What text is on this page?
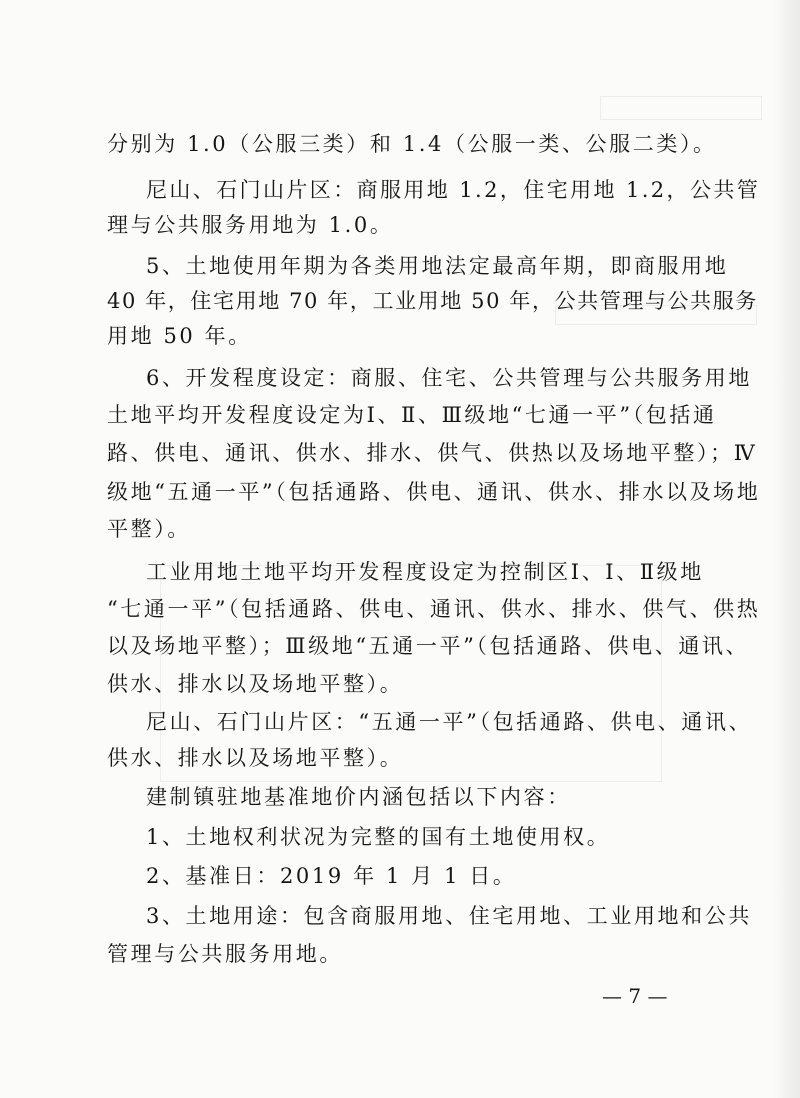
分别为 1.0（公服三类）和 1.4（公服一类、公服二类）。
尼山、石门山片区：商服用地 1.2，住宅用地 1.2，公共管
理与公共服务用地为 1.0。
5、土地使用年期为各类用地法定最高年期，即商服用地
40 年，住宅用地 70 年，工业用地 50 年，公共管理与公共服务
用地 50 年。
6、开发程度设定：商服、住宅、公共管理与公共服务用地
土地平均开发程度设定为Ⅰ、Ⅱ、Ⅲ级地“七通一平”（包括通
路、供电、通讯、供水、排水、供气、供热以及场地平整）；Ⅳ
级地“五通一平”（包括通路、供电、通讯、供水、排水以及场地
平整）。
工业用地土地平均开发程度设定为控制区Ⅰ、Ⅰ、Ⅱ级地
“七通一平”（包括通路、供电、通讯、供水、排水、供气、供热
以及场地平整）；Ⅲ级地“五通一平”（包括通路、供电、通讯、
供水、排水以及场地平整）。
尼山、石门山片区：“五通一平”（包括通路、供电、通讯、
供水、排水以及场地平整）。
建制镇驻地基准地价内涵包括以下内容：
1、土地权利状况为完整的国有土地使用权。
2、基准日：2019 年 1 月 1 日。
3、土地用途：包含商服用地、住宅用地、工业用地和公共
管理与公共服务用地。
— 7 —
